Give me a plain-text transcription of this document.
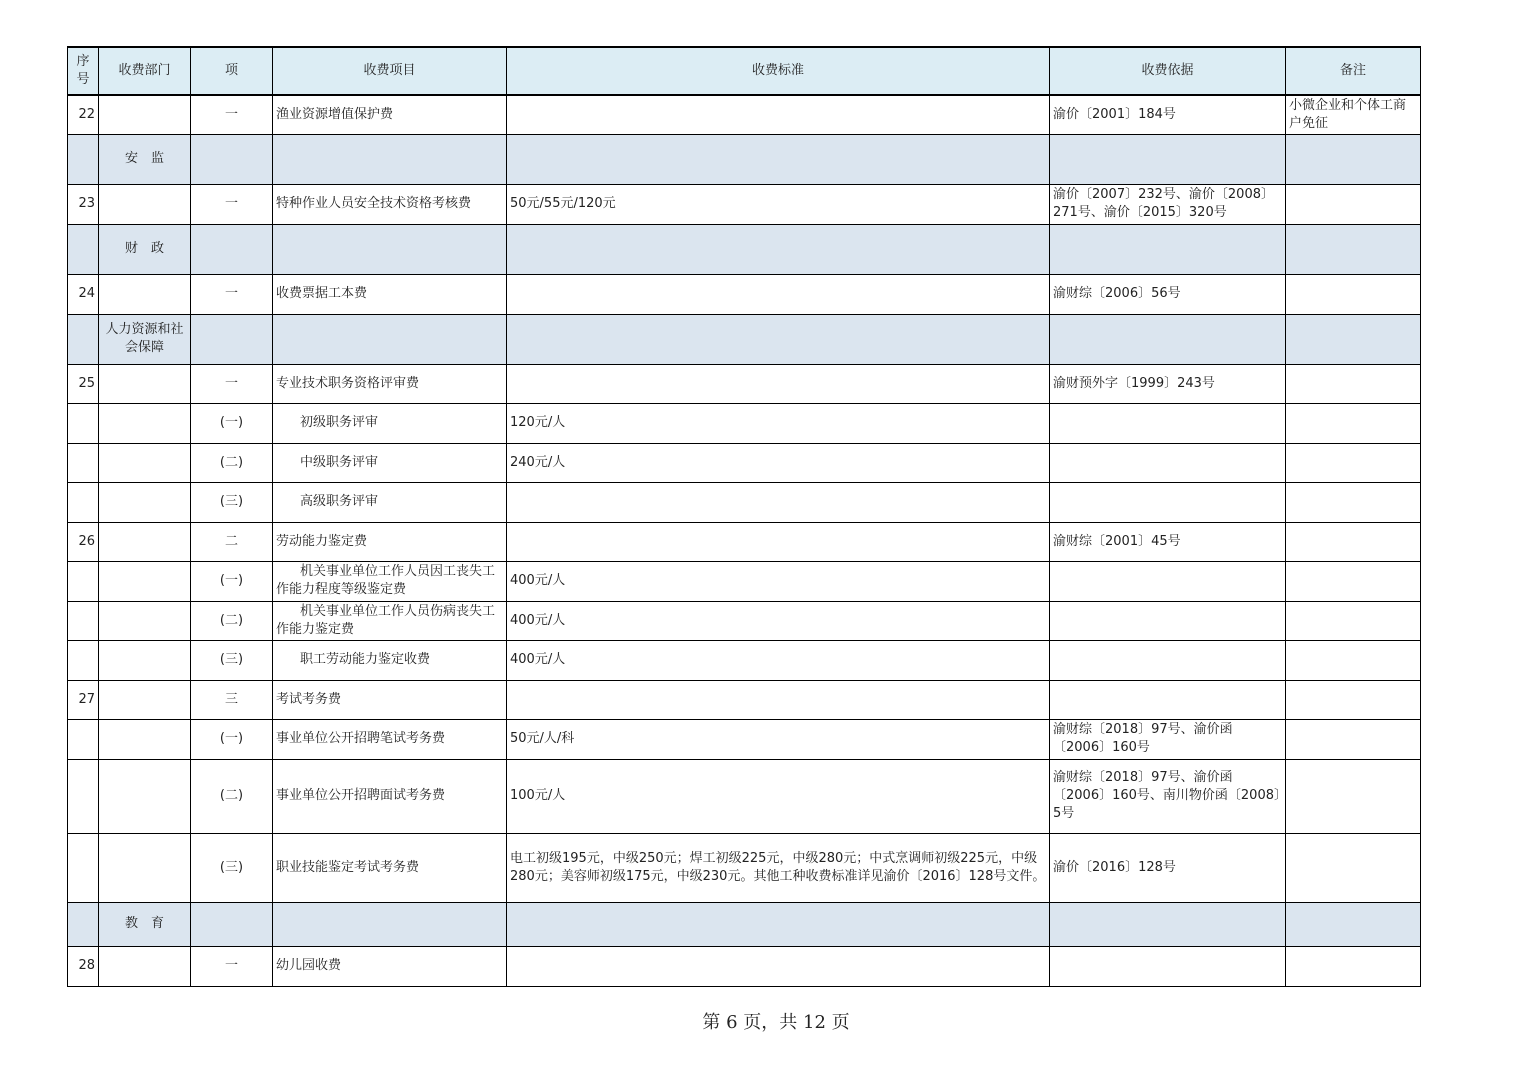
序号	收费部门	项	收费项目	收费标准	收费依据	备注
22		一	渔业资源增值保护费		渝价〔2001〕184号	小微企业和个体工商户免征
	安　监					
23		一	特种作业人员安全技术资格考核费	50元/55元/120元	渝价〔2007〕232号、渝价〔2008〕271号、渝价〔2015〕320号	
	财　政					
24		一	收费票据工本费		渝财综〔2006〕56号	
	人力资源和社会保障					
25		一	专业技术职务资格评审费		渝财预外字〔1999〕243号	
		(一)	初级职务评审	120元/人		
		(二)	中级职务评审	240元/人		
		(三)	高级职务评审			
26		二	劳动能力鉴定费		渝财综〔2001〕45号	
		(一)	机关事业单位工作人员因工丧失工作能力程度等级鉴定费	400元/人		
		(二)	机关事业单位工作人员伤病丧失工作能力鉴定费	400元/人		
		(三)	职工劳动能力鉴定收费	400元/人		
27		三	考试考务费			
		(一)	事业单位公开招聘笔试考务费	50元/人/科	渝财综〔2018〕97号、渝价函〔2006〕160号	
		(二)	事业单位公开招聘面试考务费	100元/人	渝财综〔2018〕97号、渝价函〔2006〕160号、南川物价函〔2008〕5号	
		(三)	职业技能鉴定考试考务费	电工初级195元，中级250元；焊工初级225元，中级280元；中式烹调师初级225元，中级280元；美容师初级175元，中级230元。其他工种收费标准详见渝价〔2016〕128号文件。	渝价〔2016〕128号	
	教　育					
28		一	幼儿园收费			
第 6 页，共 12 页
